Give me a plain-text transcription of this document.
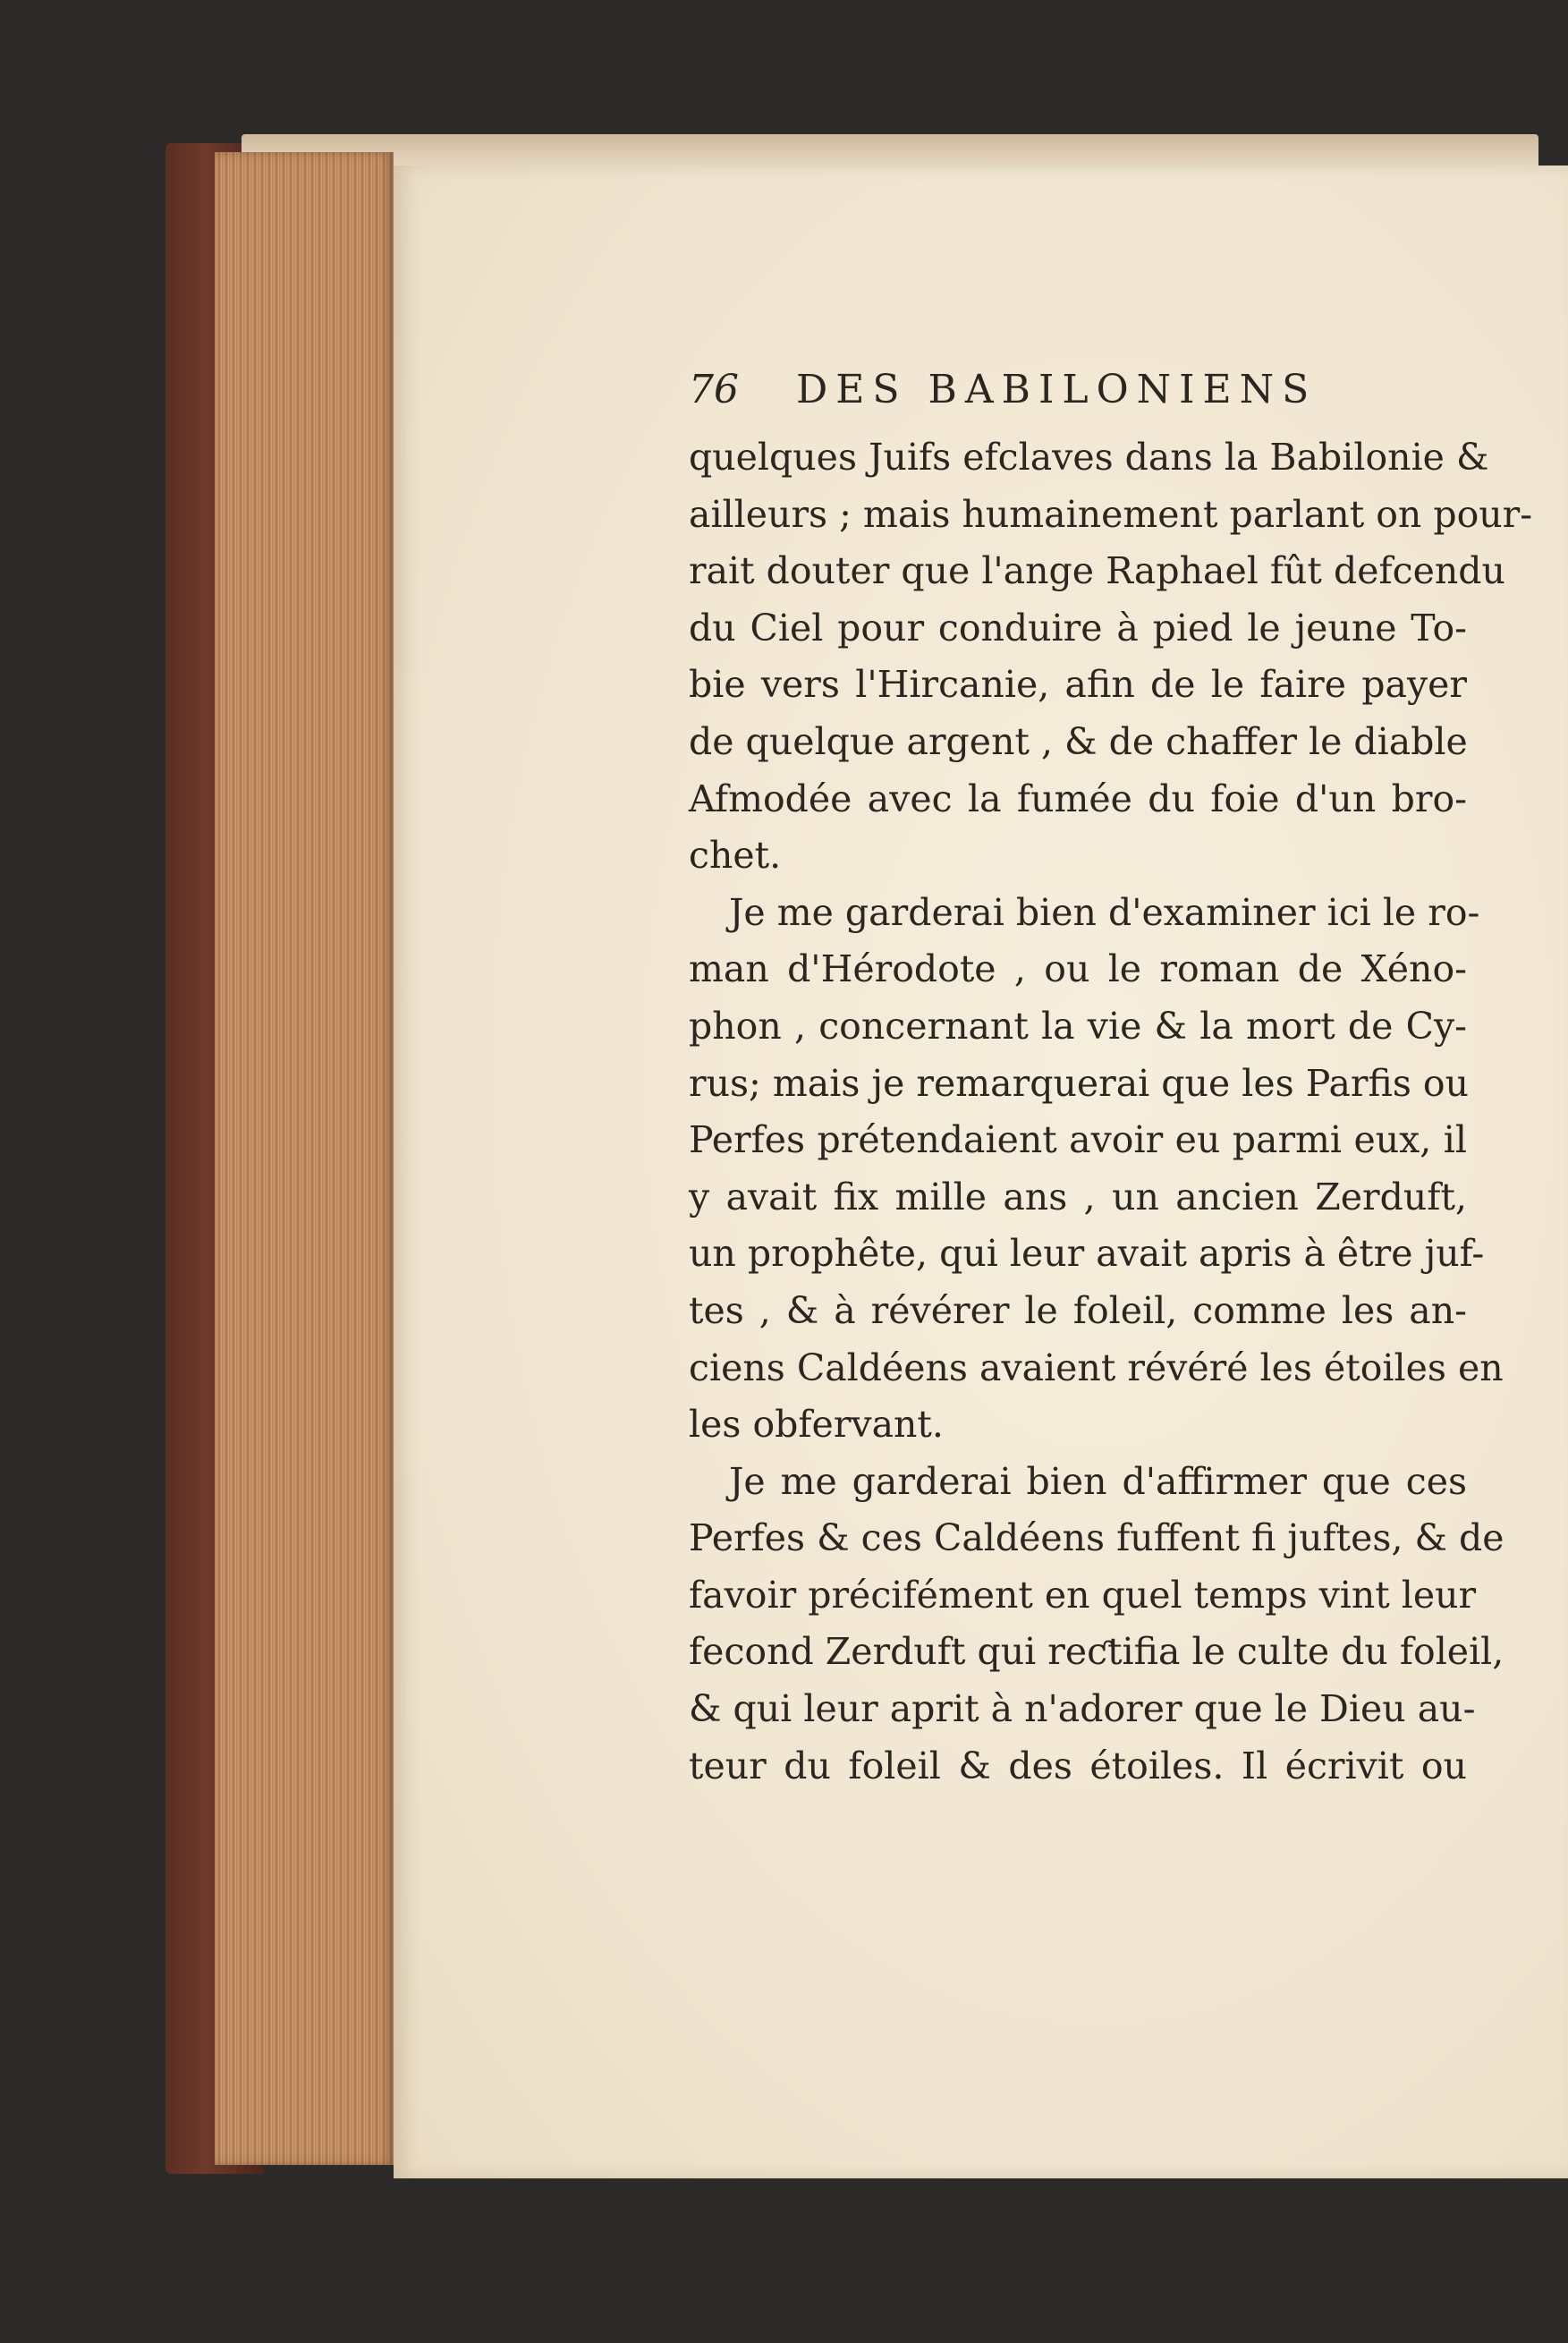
76	DES BABILONIENS
quelques Juifs efclaves dans la Babilonie &
ailleurs ; mais humainement parlant on pour-
rait douter que l'ange Raphael fût defcendu
du Ciel pour conduire à pied le jeune To-
bie vers l'Hircanie, afin de le faire payer
de quelque argent , & de chaffer le diable
Afmodée avec la fumée du foie d'un bro-
chet.
Je me garderai bien d'examiner ici le ro-
man d'Hérodote , ou le roman de Xéno-
phon , concernant la vie & la mort de Cy-
rus; mais je remarquerai que les Parfis ou
Perfes prétendaient avoir eu parmi eux, il
y avait fix mille ans , un ancien Zerduft,
un prophête, qui leur avait apris à être juf-
tes , & à révérer le foleil, comme les an-
ciens Caldéens avaient révéré les étoiles en
les obfervant.
Je me garderai bien d'affirmer que ces
Perfes & ces Caldéens fuffent fi juftes, & de
favoir précifément en quel temps vint leur
fecond Zerduft qui reƈtifia le culte du foleil,
& qui leur aprit à n'adorer que le Dieu au-
teur du foleil & des étoiles. Il écrivit ou
